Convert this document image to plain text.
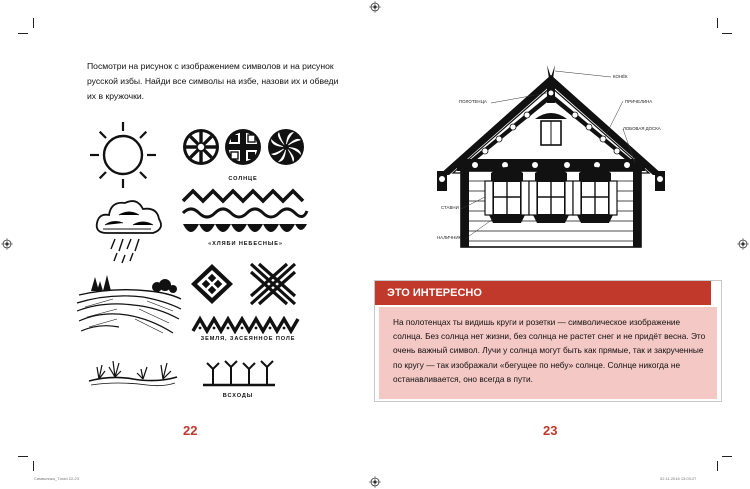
Посмотри на рисунок с изображением символов и на рисунок русской избы. Найди все символы на избе, назови их и обведи их в кружочки.
СОЛНЦЕ
«ХЛЯБИ НЕБЕСНЫЕ»
ЗЕМЛЯ, ЗАСЕЯННОЕ ПОЛЕ
ВСХОДЫ
22
ПОЛОТЕНЦА
КОНЁК
ПРИЧЕЛИНА
ЛОБОВАЯ ДОСКА
СТАВНИ
НАЛИЧНИК
23
На полотенцах ты видишь круги и розетки — символическое изображение солнца. Без солнца нет жизни, без солнца не растет снег и не придёт весна. Это очень важный символ. Лучи у солнца могут быть как прямые, так и закрученные по кругу — так изображали «бегущее по небу» солнце. Солнце никогда не останавливается, оно всегда в пути.
ЭТО ИНТЕРЕСНО
Символика_Т.indd 22-23	02.11.2016 13:03:27
